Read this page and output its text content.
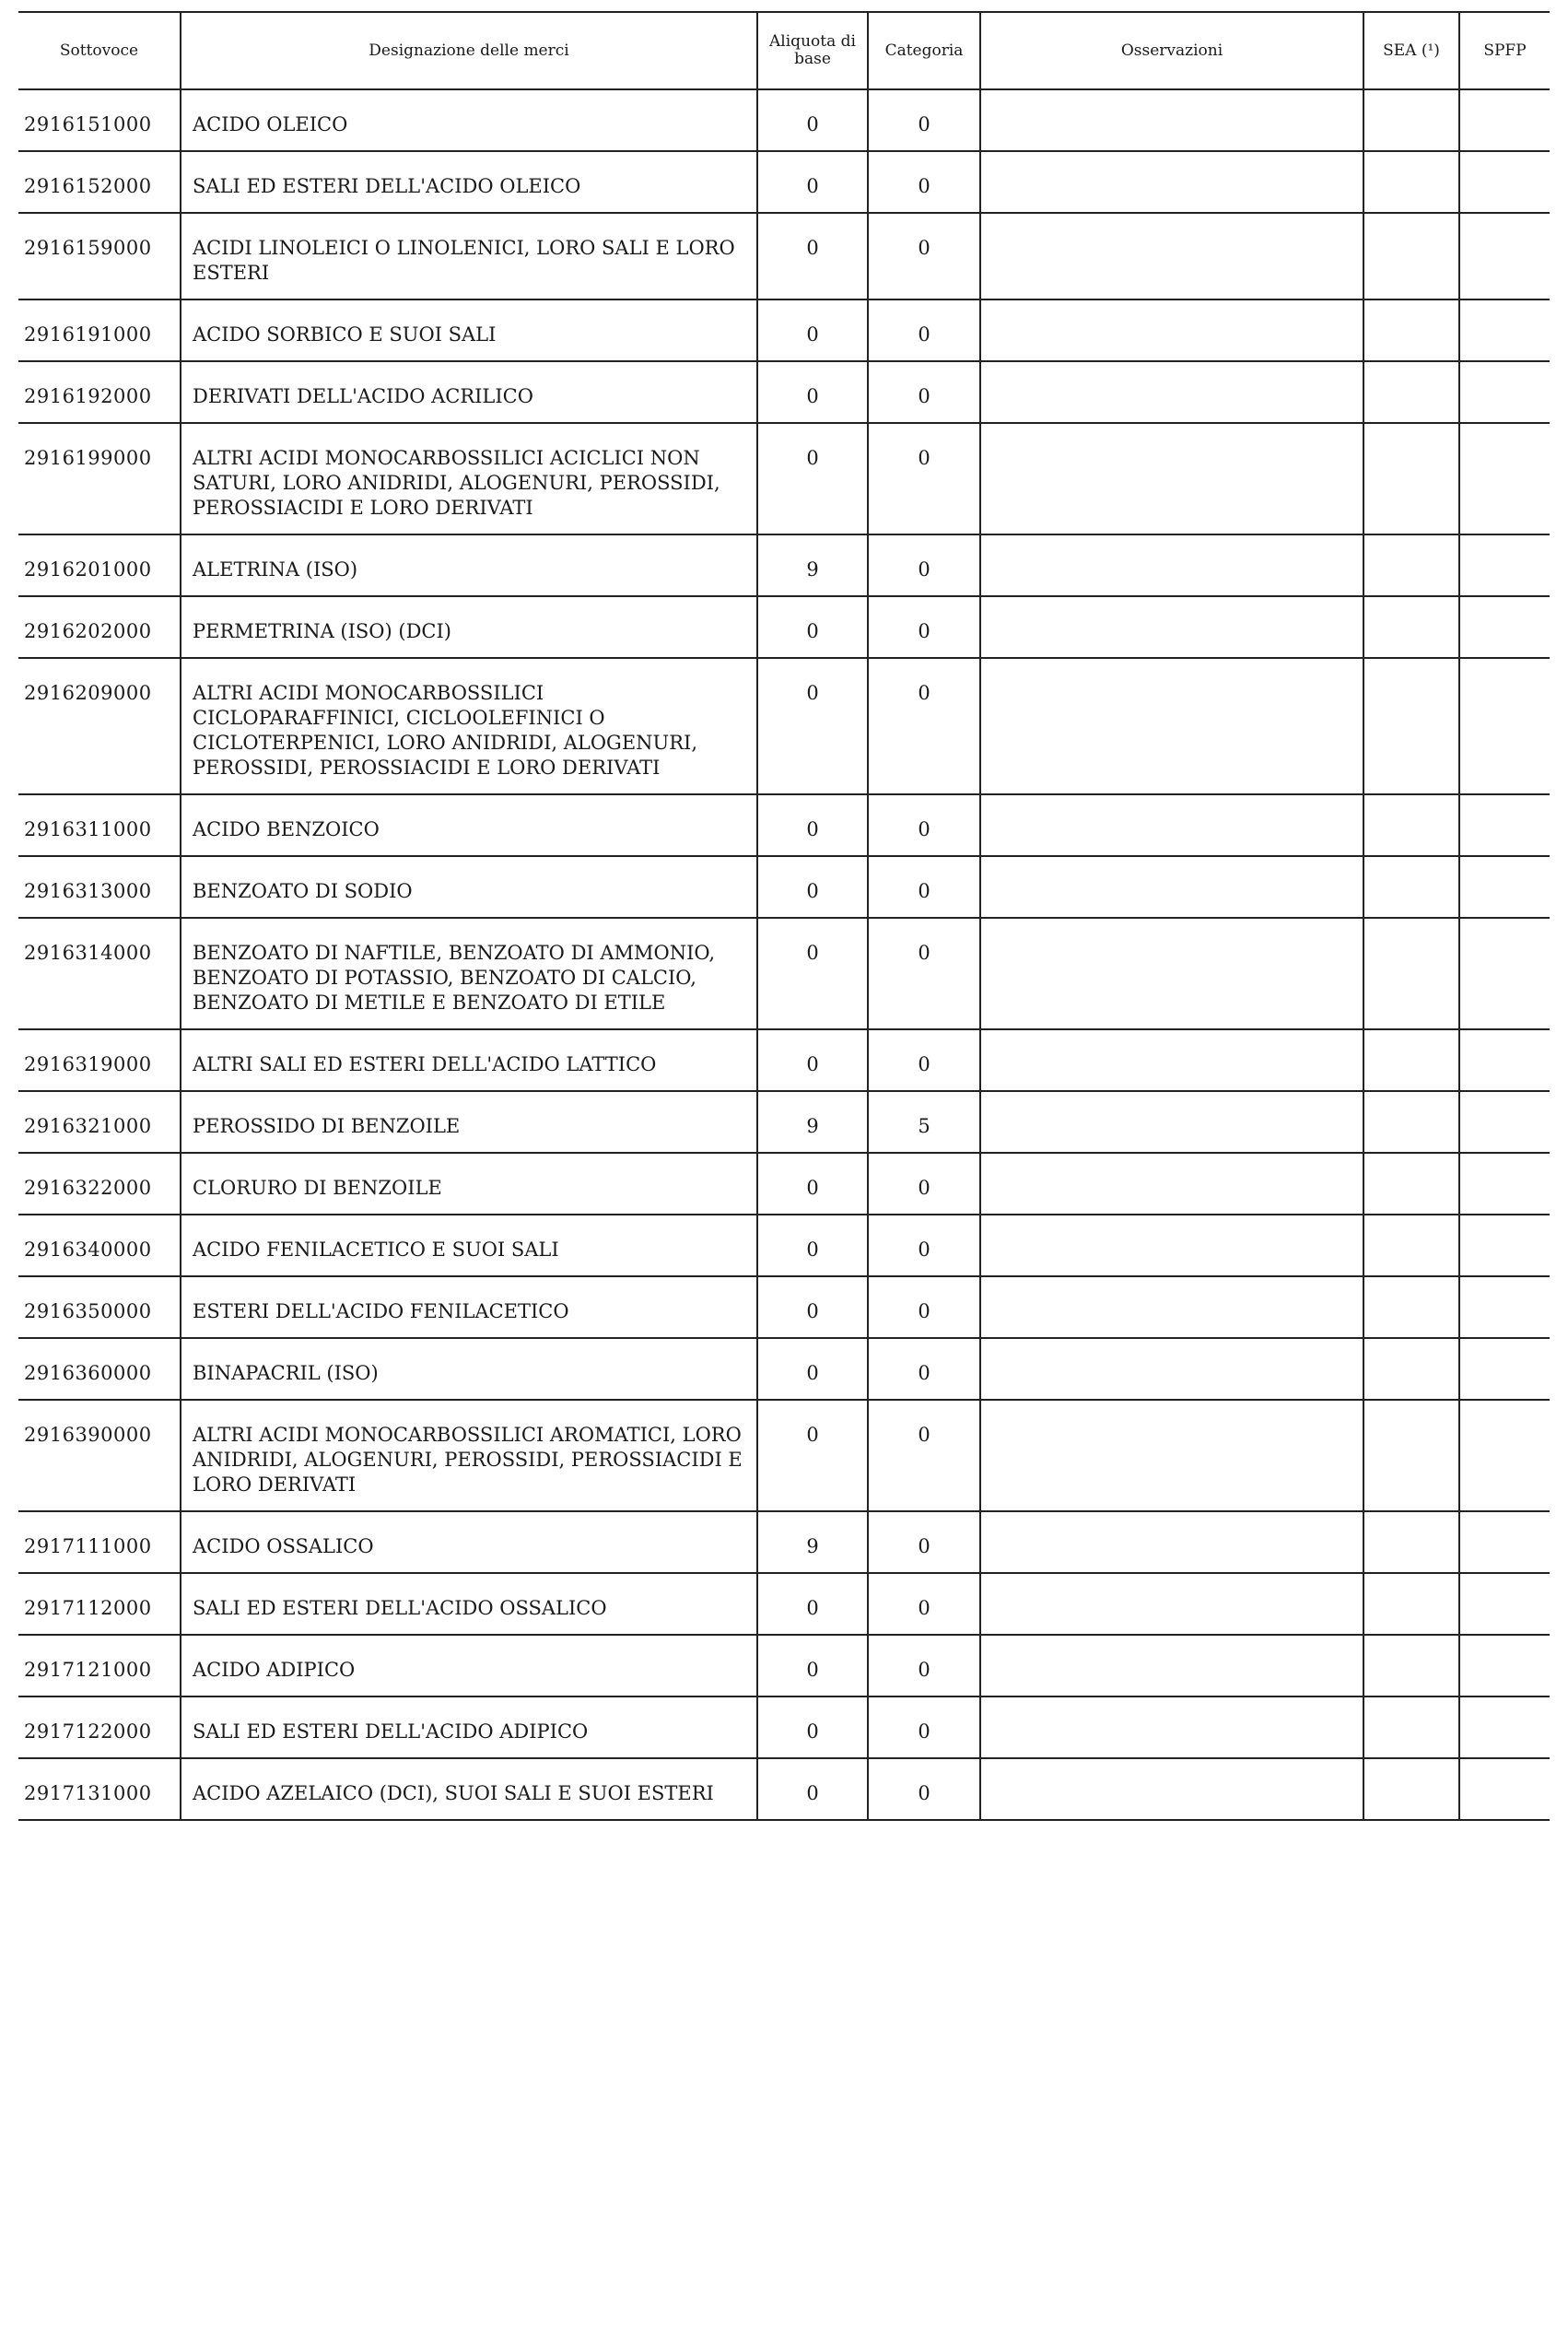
Sottovoce	Designazione delle merci	Aliquota di base	Categoria	Osservazioni	SEA (¹)	SPFP
2916151000	ACIDO OLEICO	0	0			
2916152000	SALI ED ESTERI DELL'ACIDO OLEICO	0	0			
2916159000	ACIDI LINOLEICI O LINOLENICI, LORO SALI E LORO ESTERI	0	0			
2916191000	ACIDO SORBICO E SUOI SALI	0	0			
2916192000	DERIVATI DELL'ACIDO ACRILICO	0	0			
2916199000	ALTRI ACIDI MONOCARBOSSILICI ACICLICI NON SATURI, LORO ANIDRIDI, ALOGENURI, PEROSSIDI, PEROSSIACIDI E LORO DERIVATI	0	0			
2916201000	ALETRINA (ISO)	9	0			
2916202000	PERMETRINA (ISO) (DCI)	0	0			
2916209000	ALTRI ACIDI MONOCARBOSSILICI CICLOPARAFFINICI, CICLOOLEFINICI O CICLOTERPENICI, LORO ANIDRIDI, ALOGENURI, PEROSSIDI, PEROSSIACIDI E LORO DERIVATI	0	0			
2916311000	ACIDO BENZOICO	0	0			
2916313000	BENZOATO DI SODIO	0	0			
2916314000	BENZOATO DI NAFTILE, BENZOATO DI AMMONIO, BENZOATO DI POTASSIO, BENZOATO DI CALCIO, BENZOATO DI METILE E BENZOATO DI ETILE	0	0			
2916319000	ALTRI SALI ED ESTERI DELL'ACIDO LATTICO	0	0			
2916321000	PEROSSIDO DI BENZOILE	9	5			
2916322000	CLORURO DI BENZOILE	0	0			
2916340000	ACIDO FENILACETICO E SUOI SALI	0	0			
2916350000	ESTERI DELL'ACIDO FENILACETICO	0	0			
2916360000	BINAPACRIL (ISO)	0	0			
2916390000	ALTRI ACIDI MONOCARBOSSILICI AROMATICI, LORO ANIDRIDI, ALOGENURI, PEROSSIDI, PEROSSIACIDI E LORO DERIVATI	0	0			
2917111000	ACIDO OSSALICO	9	0			
2917112000	SALI ED ESTERI DELL'ACIDO OSSALICO	0	0			
2917121000	ACIDO ADIPICO	0	0			
2917122000	SALI ED ESTERI DELL'ACIDO ADIPICO	0	0			
2917131000	ACIDO AZELAICO (DCI), SUOI SALI E SUOI ESTERI	0	0			
